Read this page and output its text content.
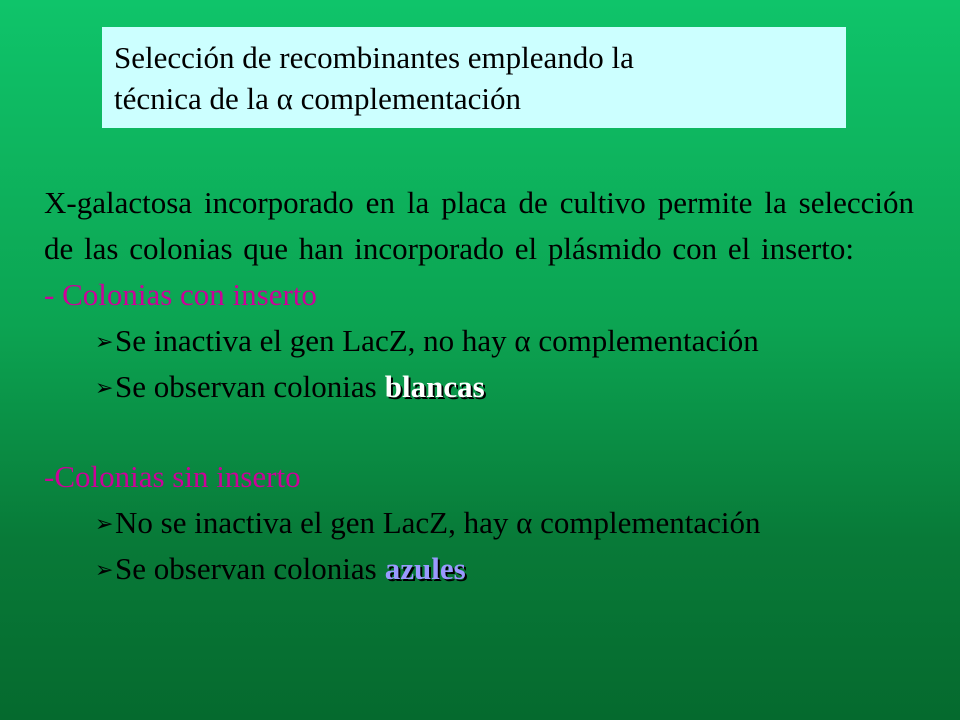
Selección de recombinantes empleando la
técnica de la α complementación
X-galactosa incorporado en la placa de cultivo permite la selección de las colonias que han incorporado el plásmido con el inserto:
- Colonias con inserto
➢Se inactiva el gen LacZ, no hay α complementación
➢Se observan colonias blancas
-Colonias sin inserto
➢No se inactiva el gen LacZ, hay α complementación
➢Se observan colonias azules
